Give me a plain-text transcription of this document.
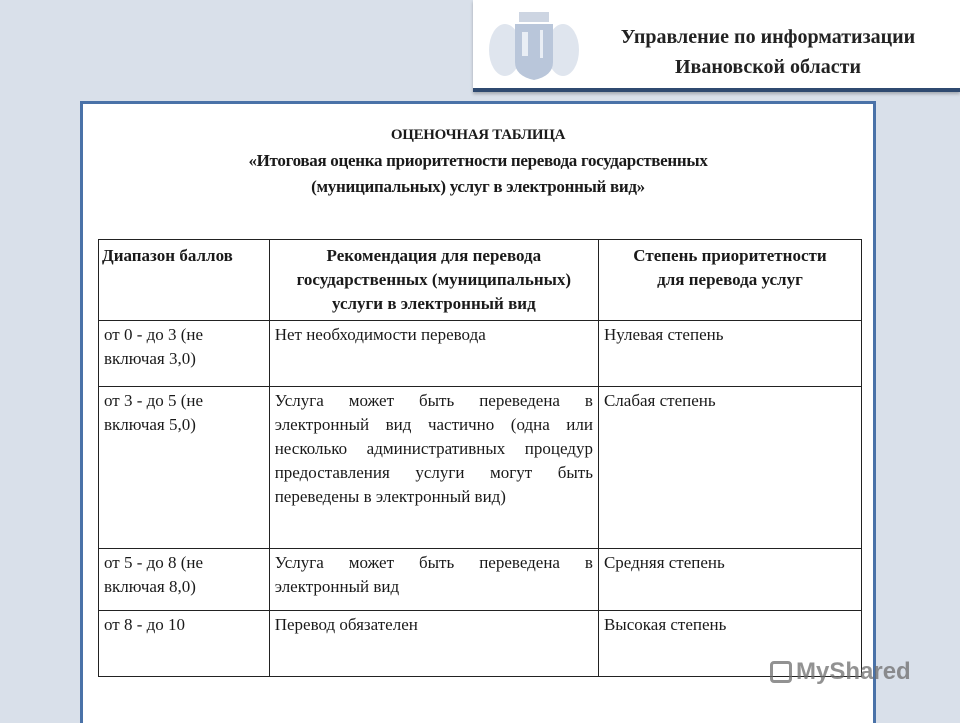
Управление по информатизации
Ивановской области
ОЦЕНОЧНАЯ ТАБЛИЦА
«Итоговая оценка приоритетности перевода государственных
(муниципальных) услуг в электронный вид»
Диапазон баллов	Рекомендация для перевода государственных (муниципальных) услуги в электронный вид	Степень приоритетности для перевода услуг
от 0 - до 3 (не включая 3,0)	Нет необходимости перевода	Нулевая степень
от 3 - до 5 (не включая 5,0)	Услуга может быть переведена в электронный вид частично (одна или несколько административных процедур предоставления услуги могут быть переведены в электронный вид)	Слабая степень
от 5 - до 8 (не включая 8,0)	Услуга может быть переведена в электронный вид	Средняя степень
от 8 - до 10	Перевод обязателен	Высокая степень
MyShared
